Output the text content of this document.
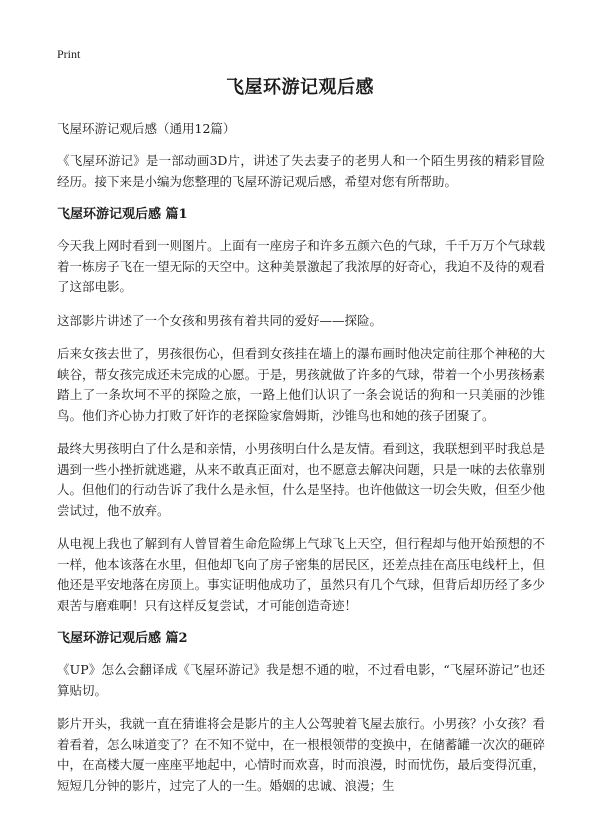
Print
飞屋环游记观后感

飞屋环游记观后感（通用12篇）

《飞屋环游记》是一部动画3D片，讲述了失去妻子的老男人和一个陌生男孩的精彩冒险经历。接下来是小编为您整理的飞屋环游记观后感，希望对您有所帮助。

飞屋环游记观后感 篇1

今天我上网时看到一则图片。上面有一座房子和许多五颜六色的气球，千千万万个气球载着一栋房子飞在一望无际的天空中。这种美景激起了我浓厚的好奇心，我迫不及待的观看了这部电影。

这部影片讲述了一个女孩和男孩有着共同的爱好——探险。

后来女孩去世了，男孩很伤心，但看到女孩挂在墙上的瀑布画时他决定前往那个神秘的大峡谷，帮女孩完成还未完成的心愿。于是，男孩就做了许多的气球，带着一个小男孩杨素踏上了一条坎坷不平的探险之旅，一路上他们认识了一条会说话的狗和一只美丽的沙锥鸟。他们齐心协力打败了奸诈的老探险家詹姆斯，沙锥鸟也和她的孩子团聚了。

最终大男孩明白了什么是和亲情，小男孩明白什么是友情。看到这，我联想到平时我总是遇到一些小挫折就逃避，从来不敢真正面对，也不愿意去解决问题，只是一味的去依靠别人。但他们的行动告诉了我什么是永恒，什么是坚持。也许他做这一切会失败，但至少他尝试过，他不放弃。

从电视上我也了解到有人曾冒着生命危险绑上气球飞上天空，但行程却与他开始预想的不一样，他本该落在水里，但他却飞向了房子密集的居民区，还差点挂在高压电线杆上，但他还是平安地落在房顶上。事实证明他成功了，虽然只有几个气球，但背后却历经了多少艰苦与磨难啊！只有这样反复尝试，才可能创造奇迹！

飞屋环游记观后感 篇2

《UP》怎么会翻译成《飞屋环游记》我是想不通的啦，不过看电影，“飞屋环游记”也还算贴切。

影片开头，我就一直在猜谁将会是影片的主人公驾驶着飞屋去旅行。小男孩？小女孩？看着看着，怎么味道变了？在不知不觉中，在一根根领带的变换中，在储蓄罐一次次的砸碎中，在高楼大厦一座座平地起中，心情时而欢喜，时而浪漫，时而忧伤，最后变得沉重，短短几分钟的影片，过完了人的一生。婚姻的忠诚、浪漫；生
